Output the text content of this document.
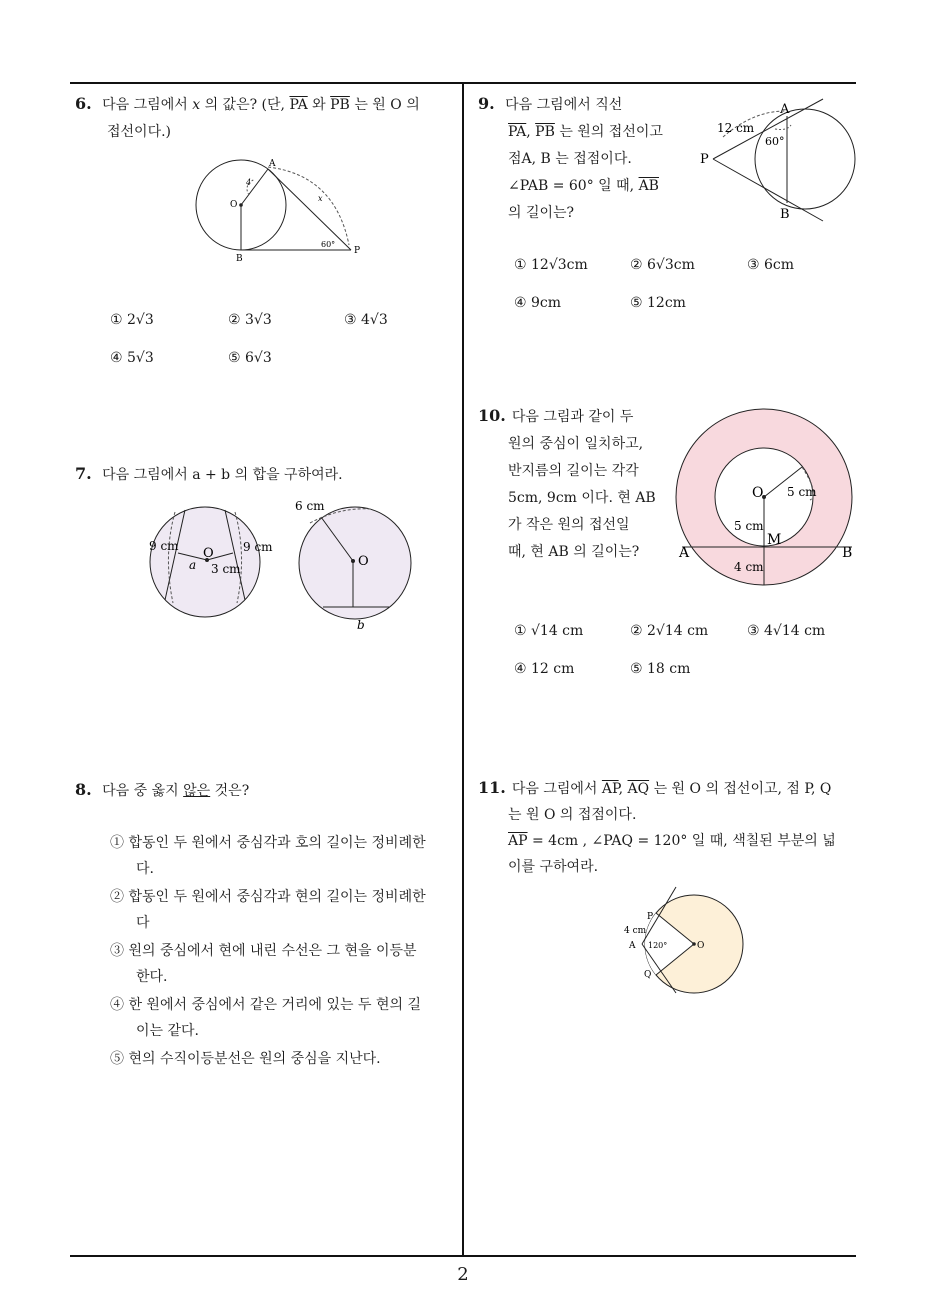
6. 다음 그림에서 x 의 값은? (단, $\overline{PA}$ 와 $\overline{PB}$ 는 원 O 의
접선이다.)
A
O
B
P
4
x
60°
① 2√3	② 3√3	③ 4√3
④ 5√3	⑤ 6√3
7. 다음 그림에서 a + b 의 합을 구하여라.
9 cm	9 cm
O
a 3 cm
6 cm
O
b
8. 다음 중 옳지 않은 것은?
① 합동인 두 원에서 중심각과 호의 길이는 정비례한다.
② 합동인 두 원에서 중심각과 현의 길이는 정비례한다
③ 원의 중심에서 현에 내린 수선은 그 현을 이등분한다.
④ 한 원에서 중심에서 같은 거리에 있는 두 현의 길이는 같다.
⑤ 현의 수직이등분선은 원의 중심을 지난다.
9. 다음 그림에서 직선
$\overline{PA}$, $\overline{PB}$ 는 원의 접선이고
점A, B 는 접점이다.
∠PAB = 60° 일 때, $\overline{AB}$
의 길이는?
A
B
P
12 cm
60°
① 12√3cm	② 6√3cm	③ 6cm
④ 9cm	⑤ 12cm
10. 다음 그림과 같이 두
원의 중심이 일치하고,
반지름의 길이는 각각
5cm, 9cm 이다. 현 AB
가 작은 원의 접선일
때, 현 AB 의 길이는?
O 5 cm
5 cm
M
A	B
4 cm
① √14 cm	② 2√14 cm	③ 4√14 cm
④ 12 cm	⑤ 18 cm
11. 다음 그림에서 $\overline{AP}$, $\overline{AQ}$ 는 원 O 의 접선이고, 점 P, Q
는 원 O 의 접점이다.
$\overline{AP} = 4cm$ , ∠PAQ = 120° 일 때, 색칠된 부분의 넓
이를 구하여라.
4 cm
A
P
Q
O
120°
2
